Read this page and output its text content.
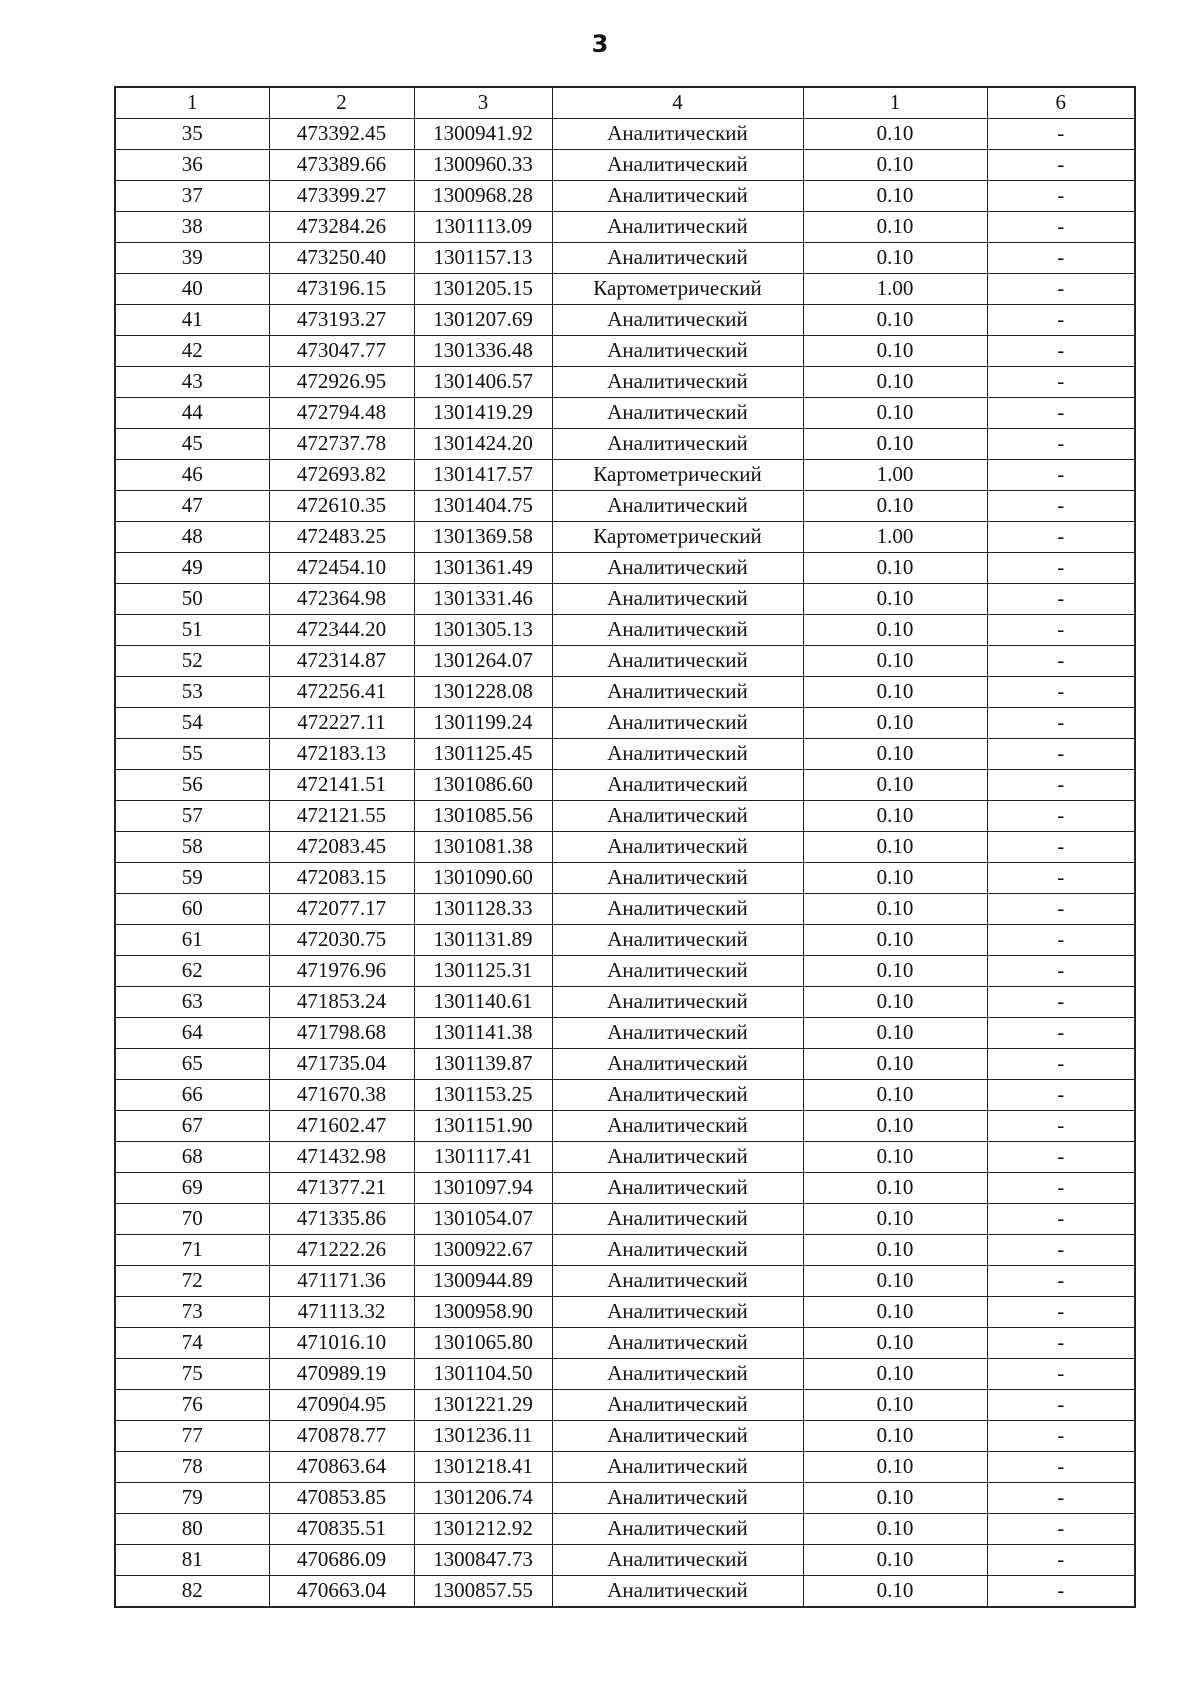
3
1	2	3	4	1	6
35	473392.45	1300941.92	Аналитический	0.10	-
36	473389.66	1300960.33	Аналитический	0.10	-
37	473399.27	1300968.28	Аналитический	0.10	-
38	473284.26	1301113.09	Аналитический	0.10	-
39	473250.40	1301157.13	Аналитический	0.10	-
40	473196.15	1301205.15	Картометрический	1.00	-
41	473193.27	1301207.69	Аналитический	0.10	-
42	473047.77	1301336.48	Аналитический	0.10	-
43	472926.95	1301406.57	Аналитический	0.10	-
44	472794.48	1301419.29	Аналитический	0.10	-
45	472737.78	1301424.20	Аналитический	0.10	-
46	472693.82	1301417.57	Картометрический	1.00	-
47	472610.35	1301404.75	Аналитический	0.10	-
48	472483.25	1301369.58	Картометрический	1.00	-
49	472454.10	1301361.49	Аналитический	0.10	-
50	472364.98	1301331.46	Аналитический	0.10	-
51	472344.20	1301305.13	Аналитический	0.10	-
52	472314.87	1301264.07	Аналитический	0.10	-
53	472256.41	1301228.08	Аналитический	0.10	-
54	472227.11	1301199.24	Аналитический	0.10	-
55	472183.13	1301125.45	Аналитический	0.10	-
56	472141.51	1301086.60	Аналитический	0.10	-
57	472121.55	1301085.56	Аналитический	0.10	-
58	472083.45	1301081.38	Аналитический	0.10	-
59	472083.15	1301090.60	Аналитический	0.10	-
60	472077.17	1301128.33	Аналитический	0.10	-
61	472030.75	1301131.89	Аналитический	0.10	-
62	471976.96	1301125.31	Аналитический	0.10	-
63	471853.24	1301140.61	Аналитический	0.10	-
64	471798.68	1301141.38	Аналитический	0.10	-
65	471735.04	1301139.87	Аналитический	0.10	-
66	471670.38	1301153.25	Аналитический	0.10	-
67	471602.47	1301151.90	Аналитический	0.10	-
68	471432.98	1301117.41	Аналитический	0.10	-
69	471377.21	1301097.94	Аналитический	0.10	-
70	471335.86	1301054.07	Аналитический	0.10	-
71	471222.26	1300922.67	Аналитический	0.10	-
72	471171.36	1300944.89	Аналитический	0.10	-
73	471113.32	1300958.90	Аналитический	0.10	-
74	471016.10	1301065.80	Аналитический	0.10	-
75	470989.19	1301104.50	Аналитический	0.10	-
76	470904.95	1301221.29	Аналитический	0.10	-
77	470878.77	1301236.11	Аналитический	0.10	-
78	470863.64	1301218.41	Аналитический	0.10	-
79	470853.85	1301206.74	Аналитический	0.10	-
80	470835.51	1301212.92	Аналитический	0.10	-
81	470686.09	1300847.73	Аналитический	0.10	-
82	470663.04	1300857.55	Аналитический	0.10	-
